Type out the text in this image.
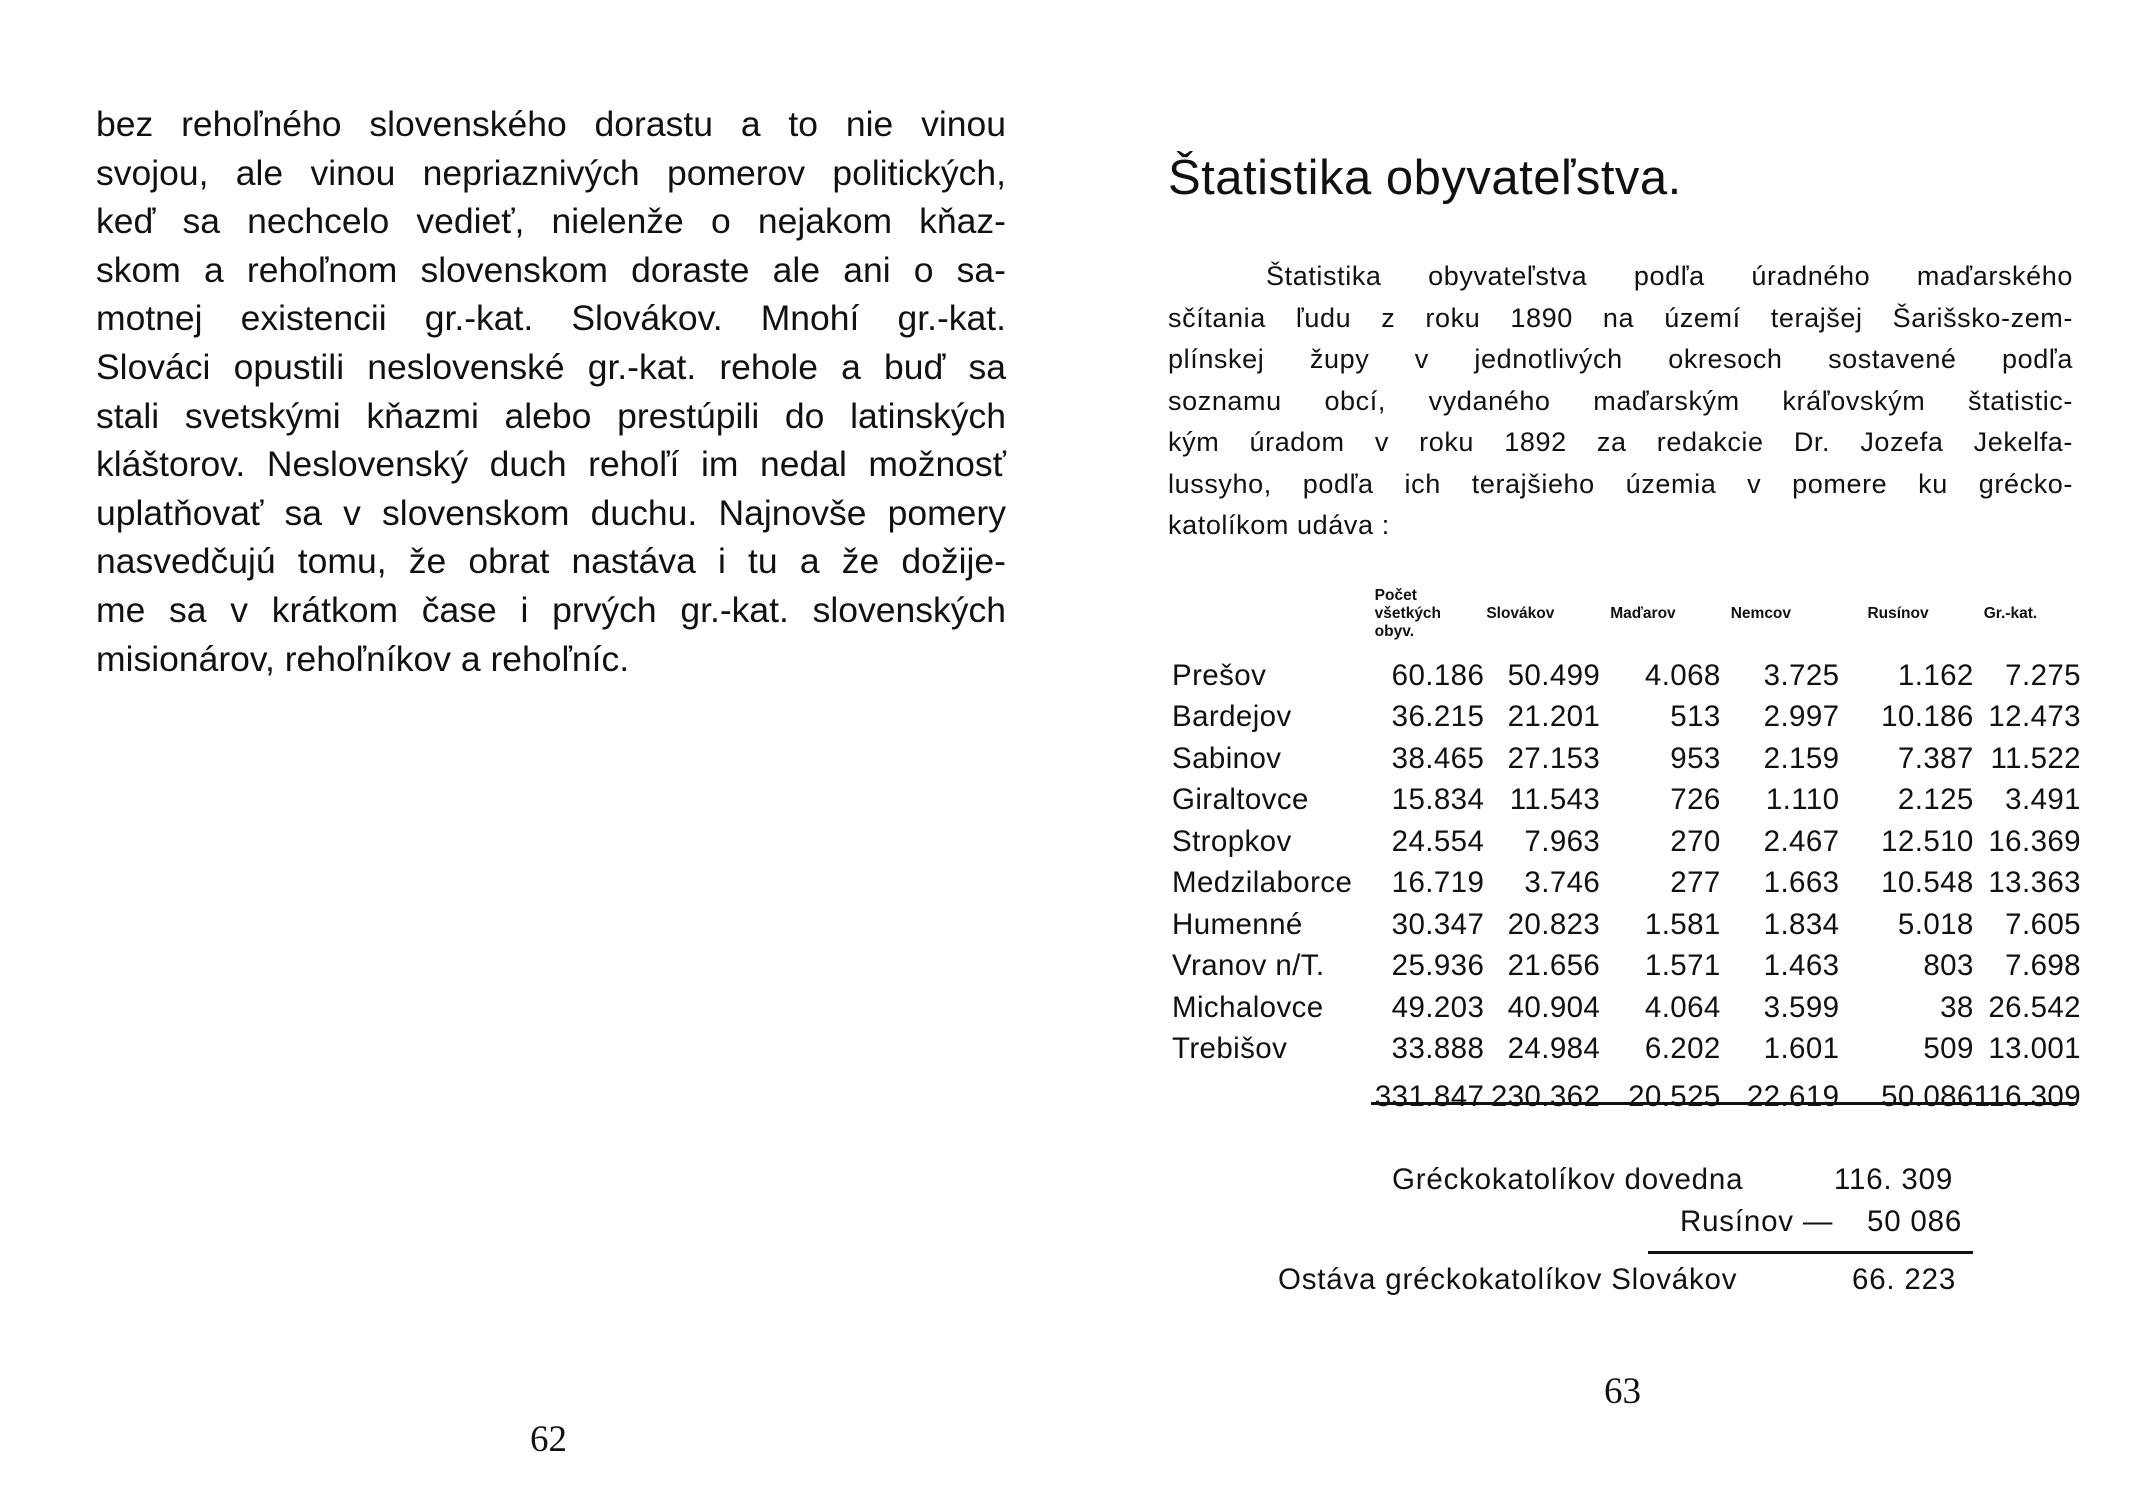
bez rehoľného slovenského dorastu a to nie vinou
svojou, ale vinou nepriaznivých pomerov politických,
keď sa nechcelo vedieť, nielenže o nejakom kňaz-
skom a rehoľnom slovenskom doraste ale ani o sa-
motnej existencii gr.-kat. Slovákov. Mnohí gr.-kat.
Slováci opustili neslovenské gr.-kat. rehole a buď sa
stali svetskými kňazmi alebo prestúpili do latinských
kláštorov. Neslovenský duch rehoľí im nedal možnosť
uplatňovať sa v slovenskom duchu. Najnovše pomery
nasvedčujú tomu, že obrat nastáva i tu a že dožije-
me sa v krátkom čase i prvých gr.-kat. slovenských
misionárov, rehoľníkov a rehoľníc.
62
Štatistika obyvateľstva.
Štatistika obyvateľstva podľa úradného maďarského
sčítania ľudu z roku 1890 na území terajšej Šarišsko-zem-
plínskej župy v jednotlivých okresoch sostavené podľa
soznamu obcí, vydaného maďarským kráľovským štatistic-
kým úradom v roku 1892 za redakcie Dr. Jozefa Jekelfa-
lussyho, podľa ich terajšieho územia v pomere ku grécko-
katolíkom udáva :
	Počet všetkých obyv.	Slovákov	Maďarov	Nemcov	Rusínov	Gr.-kat.
Prešov	60.186	50.499	4.068	3.725	1.162	7.275
Bardejov	36.215	21.201	513	2.997	10.186	12.473
Sabinov	38.465	27.153	953	2.159	7.387	11.522
Giraltovce	15.834	11.543	726	1.110	2.125	3.491
Stropkov	24.554	7.963	270	2.467	12.510	16.369
Medzilaborce	16.719	3.746	277	1.663	10.548	13.363
Humenné	30.347	20.823	1.581	1.834	5.018	7.605
Vranov n/T.	25.936	21.656	1.571	1.463	803	7.698
Michalovce	49.203	40.904	4.064	3.599	38	26.542
Trebišov	33.888	24.984	6.202	1.601	509	13.001
	331.847	230.362	20.525	22.619	50.086	116.309
Gréckokatolíkov dovedna	116. 309
Rusínov — 50 086
Ostáva gréckokatolíkov Slovákov	66. 223
63
